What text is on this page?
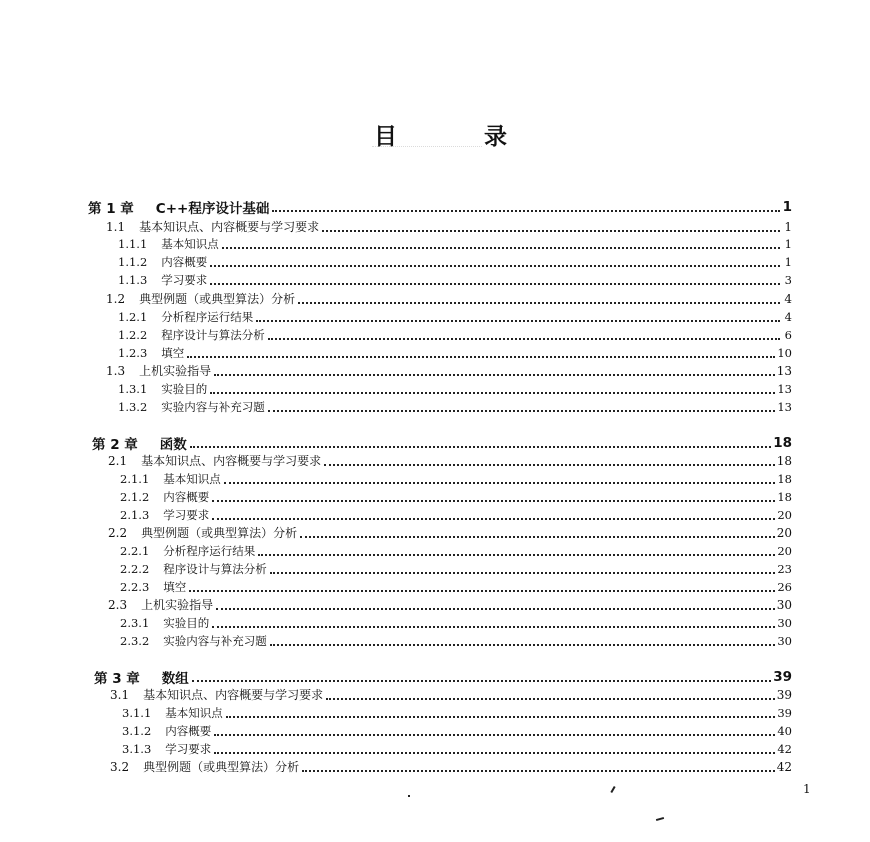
目	录
第 1 章 C++程序设计基础	1
1.1 基本知识点、内容概要与学习要求	1
1.1.1 基本知识点	1
1.1.2 内容概要	1
1.1.3 学习要求	3
1.2 典型例题（或典型算法）分析	4
1.2.1 分析程序运行结果	4
1.2.2 程序设计与算法分析	6
1.2.3 填空	10
1.3 上机实验指导	13
1.3.1 实验目的	13
1.3.2 实验内容与补充习题	13
第 2 章 函数	18
2.1 基本知识点、内容概要与学习要求	18
2.1.1 基本知识点	18
2.1.2 内容概要	18
2.1.3 学习要求	20
2.2 典型例题（或典型算法）分析	20
2.2.1 分析程序运行结果	20
2.2.2 程序设计与算法分析	23
2.2.3 填空	26
2.3 上机实验指导	30
2.3.1 实验目的	30
2.3.2 实验内容与补充习题	30
第 3 章 数组	39
3.1 基本知识点、内容概要与学习要求	39
3.1.1 基本知识点	39
3.1.2 内容概要	40
3.1.3 学习要求	42
3.2 典型例题（或典型算法）分析	42
1
